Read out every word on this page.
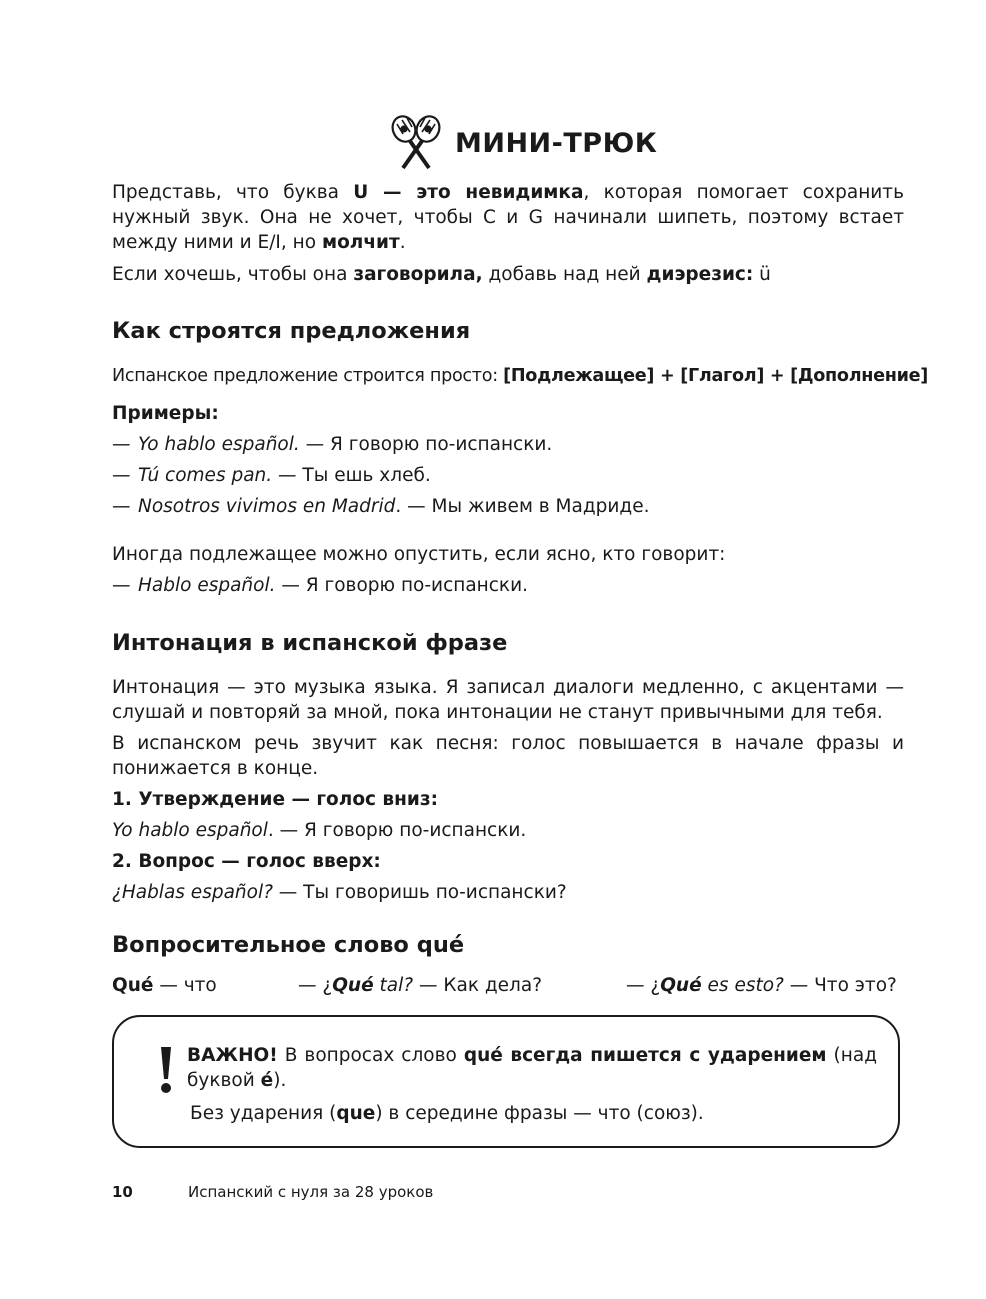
МИНИ-ТРЮК

Представь, что буква U — это невидимка, которая помогает сохранить нужный звук. Она не хочет, чтобы C и G начинали шипеть, поэтому встает между ними и E/I, но молчит.

Если хочешь, чтобы она заговорила, добавь над ней диэрезис: ü

Как строятся предложения
Испанское предложение строится просто: [Подлежащее] + [Глагол] + [Дополнение]
Примеры:
— Yo hablo español. — Я говорю по-испански.
— Tú comes pan. — Ты ешь хлеб.
— Nosotros vivimos en Madrid. — Мы живем в Мадриде.
Иногда подлежащее можно опустить, если ясно, кто говорит:
— Hablo español. — Я говорю по-испански.
Интонация в испанской фразе

Интонация — это музыка языка. Я записал диалоги медленно, с акцентами — слушай и повторяй за мной, пока интонации не станут привычными для тебя.

В испанском речь звучит как песня: голос повышается в начале фразы и понижается в конце.

1. Утверждение — голос вниз:
Yo hablo español. — Я говорю по-испански.
2. Вопрос — голос вверх:
¿Hablas español? — Ты говоришь по-испански?
Вопросительное слово qué
Qué — что	— ¿Qué tal? — Как дела?	— ¿Qué es esto? — Что это?
ВАЖНО! В вопросах слово qué всегда пишется с ударением (над буквой é).
Без ударения (que) в середине фразы — что (союз).
10	Испанский с нуля за 28 уроков
